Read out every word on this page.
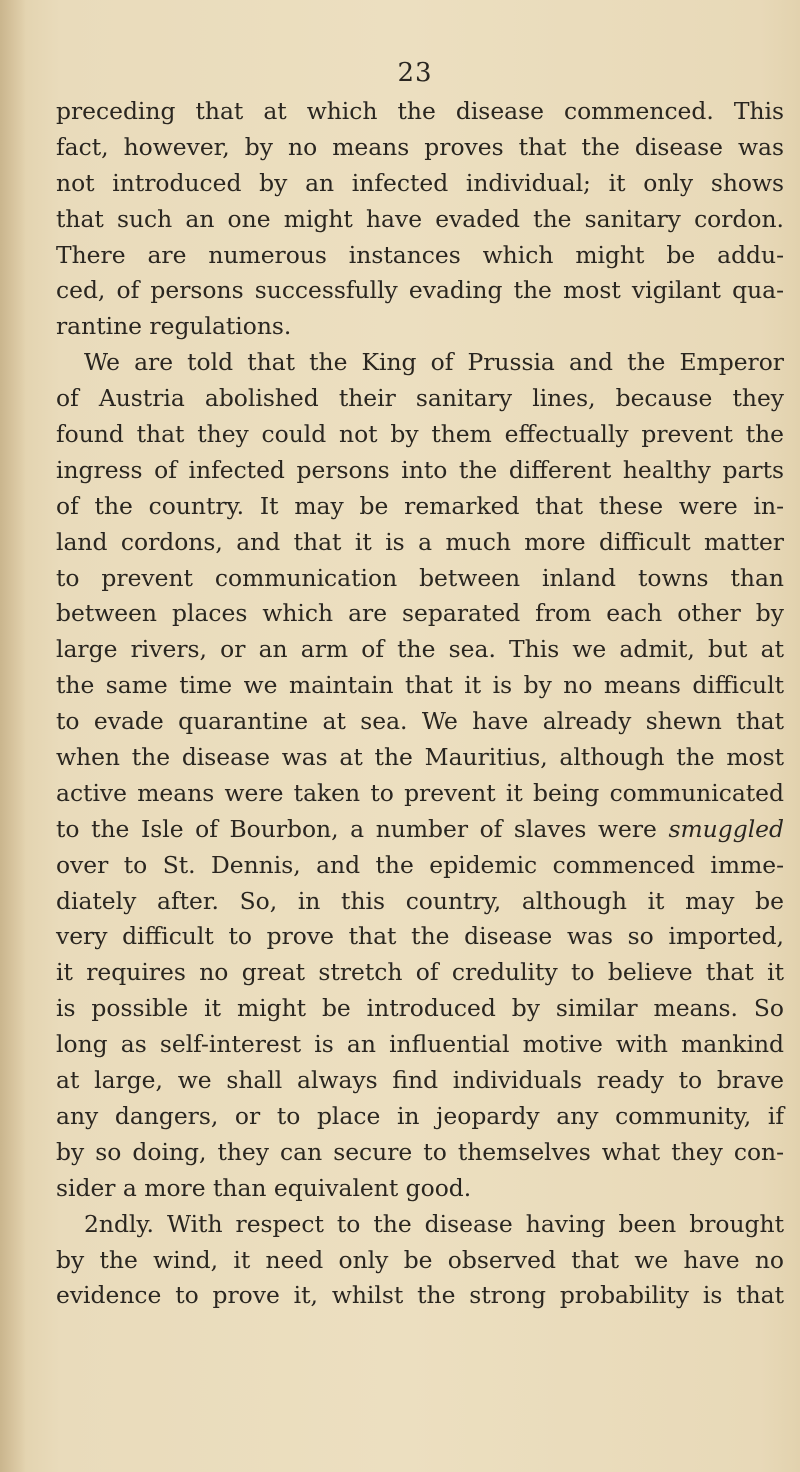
23
preceding that at which the disease commenced. This
fact, however, by no means proves that the disease was
not introduced by an infected individual; it only shows
that such an one might have evaded the sanitary cordon.
There are numerous instances which might be addu-
ced, of persons successfully evading the most vigilant qua-
rantine regulations.
We are told that the King of Prussia and the Emperor
of Austria abolished their sanitary lines, because they
found that they could not by them effectually prevent the
ingress of infected persons into the different healthy parts
of the country. It may be remarked that these were in-
land cordons, and that it is a much more difficult matter
to prevent communication between inland towns than
between places which are separated from each other by
large rivers, or an arm of the sea. This we admit, but at
the same time we maintain that it is by no means difficult
to evade quarantine at sea. We have already shewn that
when the disease was at the Mauritius, although the most
active means were taken to prevent it being communicated
to the Isle of Bourbon, a number of slaves were smuggled
over to St. Dennis, and the epidemic commenced imme-
diately after. So, in this country, although it may be
very difficult to prove that the disease was so imported,
it requires no great stretch of credulity to believe that it
is possible it might be introduced by similar means. So
long as self-interest is an influential motive with mankind
at large, we shall always find individuals ready to brave
any dangers, or to place in jeopardy any community, if
by so doing, they can secure to themselves what they con-
sider a more than equivalent good.
2ndly. With respect to the disease having been brought
by the wind, it need only be observed that we have no
evidence to prove it, whilst the strong probability is that
